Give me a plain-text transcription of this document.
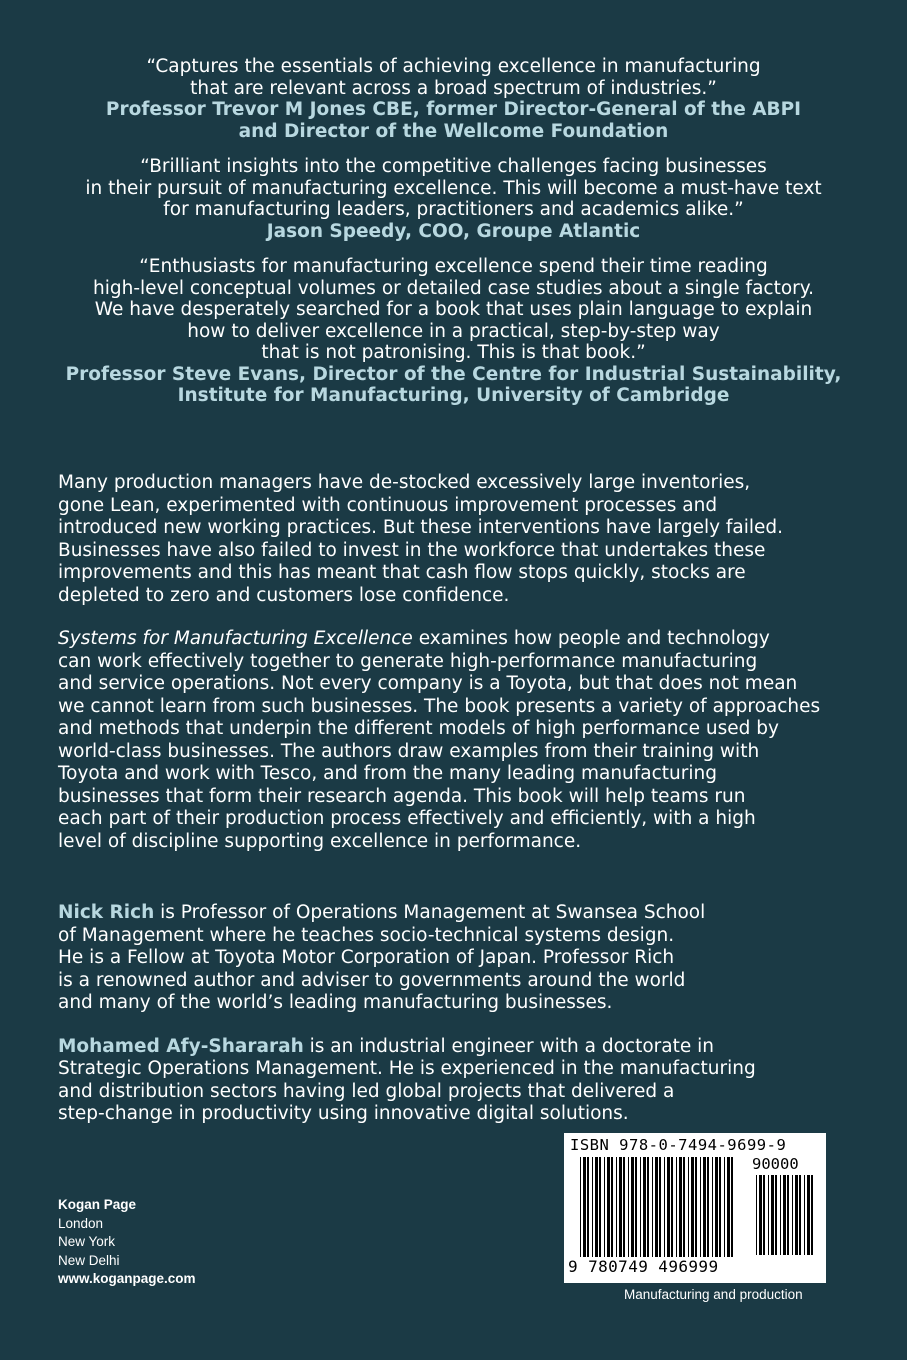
“Captures the essentials of achieving excellence in manufacturing

that are relevant across a broad spectrum of industries.”

Professor Trevor M Jones CBE, former Director-General of the ABPI

and Director of the Wellcome Foundation

“Brilliant insights into the competitive challenges facing businesses

in their pursuit of manufacturing excellence. This will become a must-have text

for manufacturing leaders, practitioners and academics alike.”

Jason Speedy, COO, Groupe Atlantic

“Enthusiasts for manufacturing excellence spend their time reading

high-level conceptual volumes or detailed case studies about a single factory.

We have desperately searched for a book that uses plain language to explain

how to deliver excellence in a practical, step-by-step way

that is not patronising. This is that book.”

Professor Steve Evans, Director of the Centre for Industrial Sustainability,

Institute for Manufacturing, University of Cambridge

Many production managers have de-stocked excessively large inventories,
gone Lean, experimented with continuous improvement processes and
introduced new working practices. But these interventions have largely failed.
Businesses have also failed to invest in the workforce that undertakes these
improvements and this has meant that cash flow stops quickly, stocks are
depleted to zero and customers lose confidence.

Systems for Manufacturing Excellence examines how people and technology
can work effectively together to generate high-performance manufacturing
and service operations. Not every company is a Toyota, but that does not mean
we cannot learn from such businesses. The book presents a variety of approaches
and methods that underpin the different models of high performance used by
world-class businesses. The authors draw examples from their training with
Toyota and work with Tesco, and from the many leading manufacturing
businesses that form their research agenda. This book will help teams run
each part of their production process effectively and efficiently, with a high
level of discipline supporting excellence in performance.

Nick Rich is Professor of Operations Management at Swansea School
of Management where he teaches socio-technical systems design.
He is a Fellow at Toyota Motor Corporation of Japan. Professor Rich
is a renowned author and adviser to governments around the world
and many of the world’s leading manufacturing businesses.

Mohamed Afy-Shararah is an industrial engineer with a doctorate in
Strategic Operations Management. He is experienced in the manufacturing
and distribution sectors having led global projects that delivered a
step-change in productivity using innovative digital solutions.

Kogan Page
London
New York
New Delhi
www.koganpage.com
ISBN 978-0-7494-9699-9
90000
9 780749 496999
Manufacturing and production
